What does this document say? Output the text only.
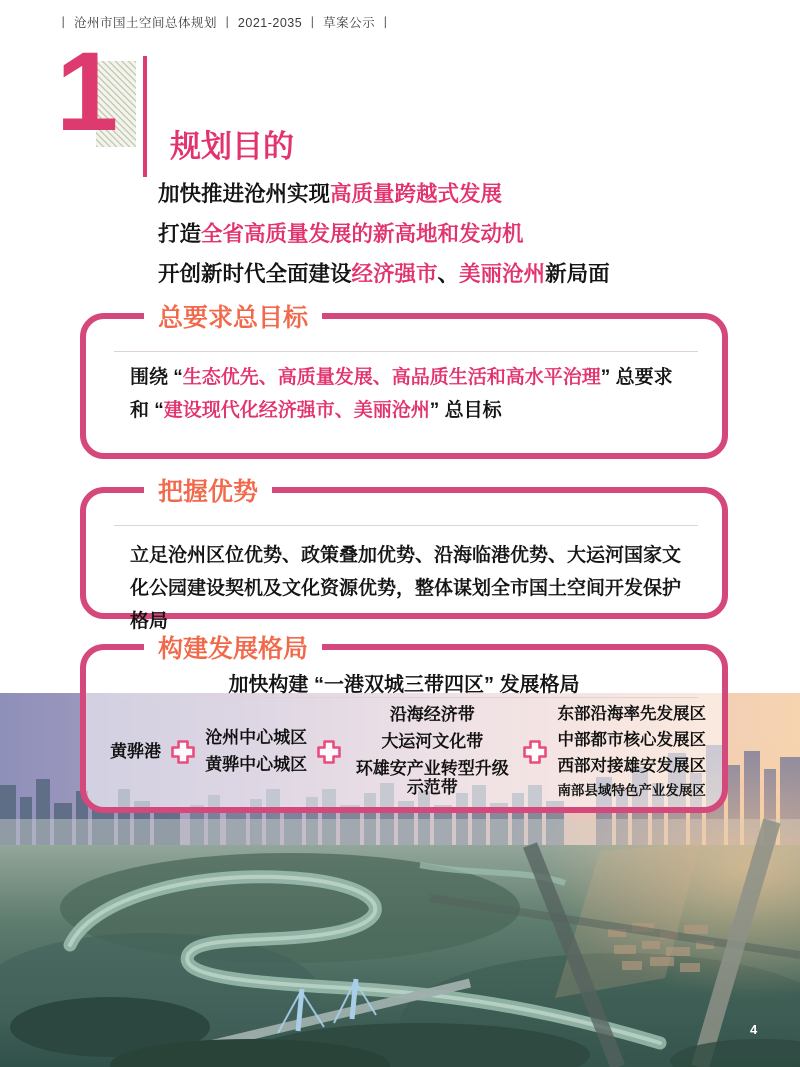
丨 沧州市国土空间总体规划 丨 2021-2035 丨 草案公示 丨
1 规划目的
加快推进沧州实现高质量跨越式发展
打造全省高质量发展的新高地和发动机
开创新时代全面建设经济强市、美丽沧州新局面
总要求总目标
围绕 “生态优先、高质量发展、高品质生活和高水平治理” 总要求
和 “建设现代化经济强市、美丽沧州” 总目标
把握优势
立足沧州区位优势、政策叠加优势、沿海临港优势、大运河国家文化公园建设契机及文化资源优势，整体谋划全市国土空间开发保护格局
构建发展格局
加快构建 “一港双城三带四区” 发展格局
黄骅港
沧州中心城区
黄骅中心城区
沿海经济带
大运河文化带
环雄安产业转型升级示范带
东部沿海率先发展区
中部都市核心发展区
西部对接雄安发展区
南部县域特色产业发展区
4
